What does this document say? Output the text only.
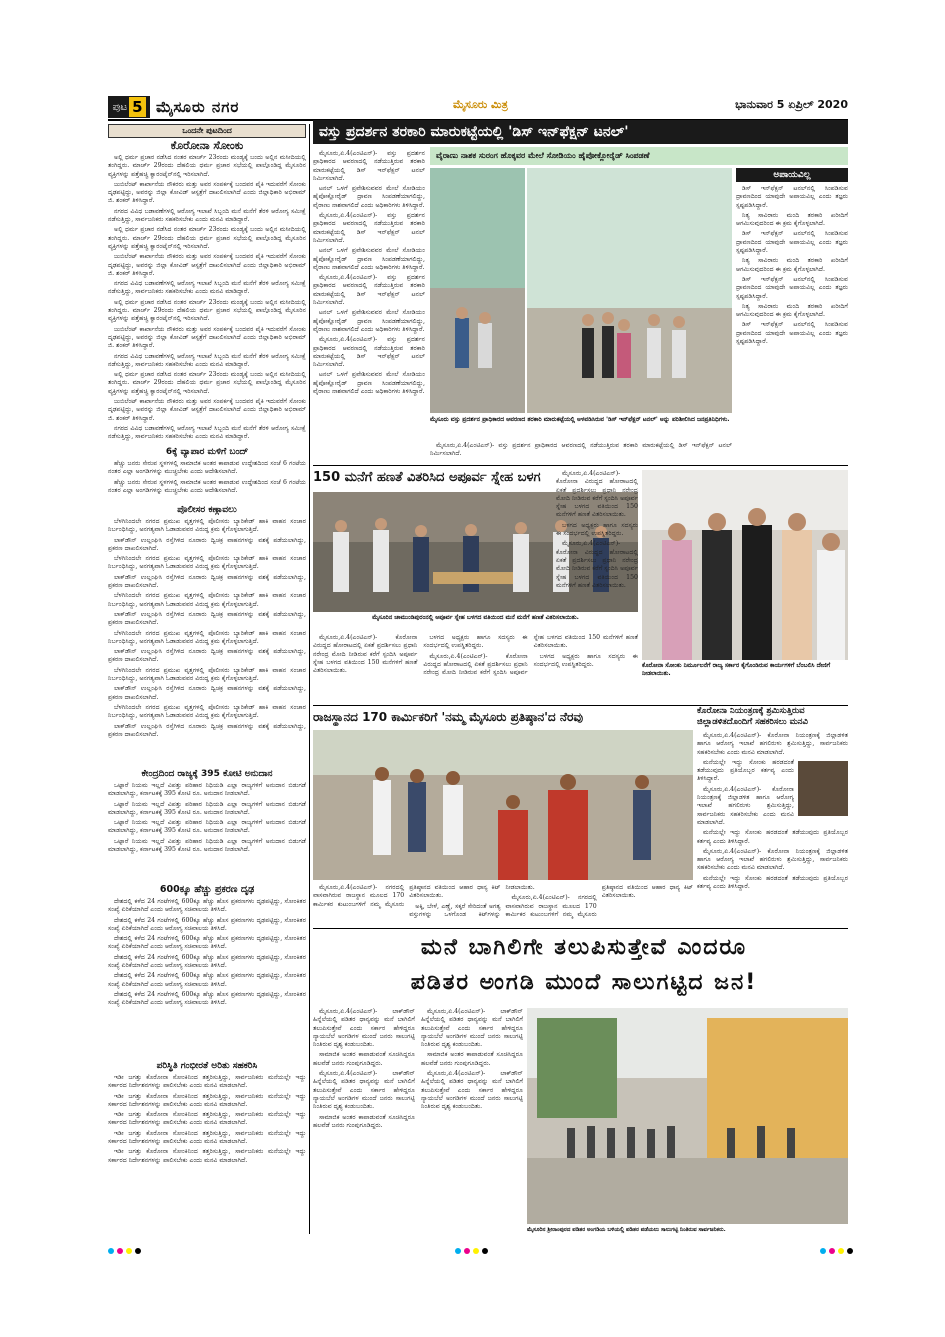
ಪುಟ 5 ಮೈಸೂರು ನಗರ	ಮೈಸೂರು ಮಿತ್ರ	ಭಾನುವಾರ 5 ಏಪ್ರಿಲ್ 2020
ಒಂದನೇ ಪುಟದಿಂದ
ಕೊರೋನಾ ಸೋಂಕು

ಅಲ್ಲಿ ಧರ್ಮ ಪ್ರಚಾರ ನಡೆಸಿದ ನಂತರ ಮಾರ್ಚ್ 23ರಂದು ಮಂಡ್ಯಕ್ಕೆ ಬಂದು ಅಲ್ಲಿನ ಮಸೀದಿಯಲ್ಲಿ ತಂಗಿದ್ದರು. ಮಾರ್ಚ್ 29ರಂದು ದೆಹಲಿಯ ಧರ್ಮ ಪ್ರಚಾರ ಸಭೆಯಲ್ಲಿ ಪಾಲ್ಗೊಂಡಿದ್ದ ಮೈಸೂರಿನ ವ್ಯಕ್ತಿಗಳನ್ನು ಪತ್ತೆಹಚ್ಚಿ ಕ್ವಾರಂಟೈನ್‌ನಲ್ಲಿ ಇರಿಸಲಾಗಿದೆ.

ಜುಬಿಲೆಂಟ್ ಕಾರ್ಖಾನೆಯ ನೌಕರರು ಮತ್ತು ಅವರ ಸಂಪರ್ಕಕ್ಕೆ ಬಂದವರ ಪೈಕಿ ಇದುವರೆಗೆ ಸೋಂಕು ದೃಢಪಟ್ಟಿದ್ದು, ಅವರನ್ನು ಜಿಲ್ಲಾ ಕೋವಿಡ್ ಆಸ್ಪತ್ರೆಗೆ ದಾಖಲಿಸಲಾಗಿದೆ ಎಂದು ಜಿಲ್ಲಾಧಿಕಾರಿ ಅಭಿರಾಮ್ ಜಿ. ಶಂಕರ್ ತಿಳಿಸಿದ್ದಾರೆ.

ನಗರದ ವಿವಿಧ ಬಡಾವಣೆಗಳಲ್ಲಿ ಆರೋಗ್ಯ ಇಲಾಖೆ ಸಿಬ್ಬಂದಿ ಮನೆ ಮನೆಗೆ ತೆರಳಿ ಆರೋಗ್ಯ ಸಮೀಕ್ಷೆ ನಡೆಸುತ್ತಿದ್ದು, ಸಾರ್ವಜನಿಕರು ಸಹಕರಿಸಬೇಕು ಎಂದು ಮನವಿ ಮಾಡಿದ್ದಾರೆ.

ಅಲ್ಲಿ ಧರ್ಮ ಪ್ರಚಾರ ನಡೆಸಿದ ನಂತರ ಮಾರ್ಚ್ 23ರಂದು ಮಂಡ್ಯಕ್ಕೆ ಬಂದು ಅಲ್ಲಿನ ಮಸೀದಿಯಲ್ಲಿ ತಂಗಿದ್ದರು. ಮಾರ್ಚ್ 29ರಂದು ದೆಹಲಿಯ ಧರ್ಮ ಪ್ರಚಾರ ಸಭೆಯಲ್ಲಿ ಪಾಲ್ಗೊಂಡಿದ್ದ ಮೈಸೂರಿನ ವ್ಯಕ್ತಿಗಳನ್ನು ಪತ್ತೆಹಚ್ಚಿ ಕ್ವಾರಂಟೈನ್‌ನಲ್ಲಿ ಇರಿಸಲಾಗಿದೆ.

ಜುಬಿಲೆಂಟ್ ಕಾರ್ಖಾನೆಯ ನೌಕರರು ಮತ್ತು ಅವರ ಸಂಪರ್ಕಕ್ಕೆ ಬಂದವರ ಪೈಕಿ ಇದುವರೆಗೆ ಸೋಂಕು ದೃಢಪಟ್ಟಿದ್ದು, ಅವರನ್ನು ಜಿಲ್ಲಾ ಕೋವಿಡ್ ಆಸ್ಪತ್ರೆಗೆ ದಾಖಲಿಸಲಾಗಿದೆ ಎಂದು ಜಿಲ್ಲಾಧಿಕಾರಿ ಅಭಿರಾಮ್ ಜಿ. ಶಂಕರ್ ತಿಳಿಸಿದ್ದಾರೆ.

ನಗರದ ವಿವಿಧ ಬಡಾವಣೆಗಳಲ್ಲಿ ಆರೋಗ್ಯ ಇಲಾಖೆ ಸಿಬ್ಬಂದಿ ಮನೆ ಮನೆಗೆ ತೆರಳಿ ಆರೋಗ್ಯ ಸಮೀಕ್ಷೆ ನಡೆಸುತ್ತಿದ್ದು, ಸಾರ್ವಜನಿಕರು ಸಹಕರಿಸಬೇಕು ಎಂದು ಮನವಿ ಮಾಡಿದ್ದಾರೆ.

ಅಲ್ಲಿ ಧರ್ಮ ಪ್ರಚಾರ ನಡೆಸಿದ ನಂತರ ಮಾರ್ಚ್ 23ರಂದು ಮಂಡ್ಯಕ್ಕೆ ಬಂದು ಅಲ್ಲಿನ ಮಸೀದಿಯಲ್ಲಿ ತಂಗಿದ್ದರು. ಮಾರ್ಚ್ 29ರಂದು ದೆಹಲಿಯ ಧರ್ಮ ಪ್ರಚಾರ ಸಭೆಯಲ್ಲಿ ಪಾಲ್ಗೊಂಡಿದ್ದ ಮೈಸೂರಿನ ವ್ಯಕ್ತಿಗಳನ್ನು ಪತ್ತೆಹಚ್ಚಿ ಕ್ವಾರಂಟೈನ್‌ನಲ್ಲಿ ಇರಿಸಲಾಗಿದೆ.

ಜುಬಿಲೆಂಟ್ ಕಾರ್ಖಾನೆಯ ನೌಕರರು ಮತ್ತು ಅವರ ಸಂಪರ್ಕಕ್ಕೆ ಬಂದವರ ಪೈಕಿ ಇದುವರೆಗೆ ಸೋಂಕು ದೃಢಪಟ್ಟಿದ್ದು, ಅವರನ್ನು ಜಿಲ್ಲಾ ಕೋವಿಡ್ ಆಸ್ಪತ್ರೆಗೆ ದಾಖಲಿಸಲಾಗಿದೆ ಎಂದು ಜಿಲ್ಲಾಧಿಕಾರಿ ಅಭಿರಾಮ್ ಜಿ. ಶಂಕರ್ ತಿಳಿಸಿದ್ದಾರೆ.

ನಗರದ ವಿವಿಧ ಬಡಾವಣೆಗಳಲ್ಲಿ ಆರೋಗ್ಯ ಇಲಾಖೆ ಸಿಬ್ಬಂದಿ ಮನೆ ಮನೆಗೆ ತೆರಳಿ ಆರೋಗ್ಯ ಸಮೀಕ್ಷೆ ನಡೆಸುತ್ತಿದ್ದು, ಸಾರ್ವಜನಿಕರು ಸಹಕರಿಸಬೇಕು ಎಂದು ಮನವಿ ಮಾಡಿದ್ದಾರೆ.

ಅಲ್ಲಿ ಧರ್ಮ ಪ್ರಚಾರ ನಡೆಸಿದ ನಂತರ ಮಾರ್ಚ್ 23ರಂದು ಮಂಡ್ಯಕ್ಕೆ ಬಂದು ಅಲ್ಲಿನ ಮಸೀದಿಯಲ್ಲಿ ತಂಗಿದ್ದರು. ಮಾರ್ಚ್ 29ರಂದು ದೆಹಲಿಯ ಧರ್ಮ ಪ್ರಚಾರ ಸಭೆಯಲ್ಲಿ ಪಾಲ್ಗೊಂಡಿದ್ದ ಮೈಸೂರಿನ ವ್ಯಕ್ತಿಗಳನ್ನು ಪತ್ತೆಹಚ್ಚಿ ಕ್ವಾರಂಟೈನ್‌ನಲ್ಲಿ ಇರಿಸಲಾಗಿದೆ.

ಜುಬಿಲೆಂಟ್ ಕಾರ್ಖಾನೆಯ ನೌಕರರು ಮತ್ತು ಅವರ ಸಂಪರ್ಕಕ್ಕೆ ಬಂದವರ ಪೈಕಿ ಇದುವರೆಗೆ ಸೋಂಕು ದೃಢಪಟ್ಟಿದ್ದು, ಅವರನ್ನು ಜಿಲ್ಲಾ ಕೋವಿಡ್ ಆಸ್ಪತ್ರೆಗೆ ದಾಖಲಿಸಲಾಗಿದೆ ಎಂದು ಜಿಲ್ಲಾಧಿಕಾರಿ ಅಭಿರಾಮ್ ಜಿ. ಶಂಕರ್ ತಿಳಿಸಿದ್ದಾರೆ.

ನಗರದ ವಿವಿಧ ಬಡಾವಣೆಗಳಲ್ಲಿ ಆರೋಗ್ಯ ಇಲಾಖೆ ಸಿಬ್ಬಂದಿ ಮನೆ ಮನೆಗೆ ತೆರಳಿ ಆರೋಗ್ಯ ಸಮೀಕ್ಷೆ ನಡೆಸುತ್ತಿದ್ದು, ಸಾರ್ವಜನಿಕರು ಸಹಕರಿಸಬೇಕು ಎಂದು ಮನವಿ ಮಾಡಿದ್ದಾರೆ.

6ಕ್ಕೆ ವ್ಯಾಪಾರ ಮಳಿಗೆ ಬಂದ್

ಹೆಚ್ಚು ಜನರು ಸೇರುವ ಸ್ಥಳಗಳಲ್ಲಿ ಸಾಮಾಜಿಕ ಅಂತರ ಕಾಪಾಡುವ ಉದ್ದೇಶದಿಂದ ಸಂಜೆ 6 ಗಂಟೆಯ ನಂತರ ಎಲ್ಲಾ ಅಂಗಡಿಗಳನ್ನು ಮುಚ್ಚಬೇಕು ಎಂದು ಆದೇಶಿಸಲಾಗಿದೆ.

ಹೆಚ್ಚು ಜನರು ಸೇರುವ ಸ್ಥಳಗಳಲ್ಲಿ ಸಾಮಾಜಿಕ ಅಂತರ ಕಾಪಾಡುವ ಉದ್ದೇಶದಿಂದ ಸಂಜೆ 6 ಗಂಟೆಯ ನಂತರ ಎಲ್ಲಾ ಅಂಗಡಿಗಳನ್ನು ಮುಚ್ಚಬೇಕು ಎಂದು ಆದೇಶಿಸಲಾಗಿದೆ.

ಪೊಲೀಸರ ಕಣ್ಗಾವಲು

ಬೆಳಗಿನಿಂದಲೇ ನಗರದ ಪ್ರಮುಖ ವೃತ್ತಗಳಲ್ಲಿ ಪೊಲೀಸರು ಬ್ಯಾರಿಕೇಡ್ ಹಾಕಿ ವಾಹನ ಸಂಚಾರ ನಿರ್ಬಂಧಿಸಿದ್ದು, ಅನಗತ್ಯವಾಗಿ ಓಡಾಡುವವರ ವಿರುದ್ಧ ಕ್ರಮ ಕೈಗೊಳ್ಳಲಾಗುತ್ತಿದೆ.

ಲಾಕ್‌ಡೌನ್ ಉಲ್ಲಂಘಿಸಿ ರಸ್ತೆಗಿಳಿದ ನೂರಾರು ದ್ವಿಚಕ್ರ ವಾಹನಗಳನ್ನು ವಶಕ್ಕೆ ಪಡೆಯಲಾಗಿದ್ದು, ಪ್ರಕರಣ ದಾಖಲಿಸಲಾಗಿದೆ.

ಬೆಳಗಿನಿಂದಲೇ ನಗರದ ಪ್ರಮುಖ ವೃತ್ತಗಳಲ್ಲಿ ಪೊಲೀಸರು ಬ್ಯಾರಿಕೇಡ್ ಹಾಕಿ ವಾಹನ ಸಂಚಾರ ನಿರ್ಬಂಧಿಸಿದ್ದು, ಅನಗತ್ಯವಾಗಿ ಓಡಾಡುವವರ ವಿರುದ್ಧ ಕ್ರಮ ಕೈಗೊಳ್ಳಲಾಗುತ್ತಿದೆ.

ಲಾಕ್‌ಡೌನ್ ಉಲ್ಲಂಘಿಸಿ ರಸ್ತೆಗಿಳಿದ ನೂರಾರು ದ್ವಿಚಕ್ರ ವಾಹನಗಳನ್ನು ವಶಕ್ಕೆ ಪಡೆಯಲಾಗಿದ್ದು, ಪ್ರಕರಣ ದಾಖಲಿಸಲಾಗಿದೆ.

ಬೆಳಗಿನಿಂದಲೇ ನಗರದ ಪ್ರಮುಖ ವೃತ್ತಗಳಲ್ಲಿ ಪೊಲೀಸರು ಬ್ಯಾರಿಕೇಡ್ ಹಾಕಿ ವಾಹನ ಸಂಚಾರ ನಿರ್ಬಂಧಿಸಿದ್ದು, ಅನಗತ್ಯವಾಗಿ ಓಡಾಡುವವರ ವಿರುದ್ಧ ಕ್ರಮ ಕೈಗೊಳ್ಳಲಾಗುತ್ತಿದೆ.

ಲಾಕ್‌ಡೌನ್ ಉಲ್ಲಂಘಿಸಿ ರಸ್ತೆಗಿಳಿದ ನೂರಾರು ದ್ವಿಚಕ್ರ ವಾಹನಗಳನ್ನು ವಶಕ್ಕೆ ಪಡೆಯಲಾಗಿದ್ದು, ಪ್ರಕರಣ ದಾಖಲಿಸಲಾಗಿದೆ.

ಬೆಳಗಿನಿಂದಲೇ ನಗರದ ಪ್ರಮುಖ ವೃತ್ತಗಳಲ್ಲಿ ಪೊಲೀಸರು ಬ್ಯಾರಿಕೇಡ್ ಹಾಕಿ ವಾಹನ ಸಂಚಾರ ನಿರ್ಬಂಧಿಸಿದ್ದು, ಅನಗತ್ಯವಾಗಿ ಓಡಾಡುವವರ ವಿರುದ್ಧ ಕ್ರಮ ಕೈಗೊಳ್ಳಲಾಗುತ್ತಿದೆ.

ಲಾಕ್‌ಡೌನ್ ಉಲ್ಲಂಘಿಸಿ ರಸ್ತೆಗಿಳಿದ ನೂರಾರು ದ್ವಿಚಕ್ರ ವಾಹನಗಳನ್ನು ವಶಕ್ಕೆ ಪಡೆಯಲಾಗಿದ್ದು, ಪ್ರಕರಣ ದಾಖಲಿಸಲಾಗಿದೆ.

ಬೆಳಗಿನಿಂದಲೇ ನಗರದ ಪ್ರಮುಖ ವೃತ್ತಗಳಲ್ಲಿ ಪೊಲೀಸರು ಬ್ಯಾರಿಕೇಡ್ ಹಾಕಿ ವಾಹನ ಸಂಚಾರ ನಿರ್ಬಂಧಿಸಿದ್ದು, ಅನಗತ್ಯವಾಗಿ ಓಡಾಡುವವರ ವಿರುದ್ಧ ಕ್ರಮ ಕೈಗೊಳ್ಳಲಾಗುತ್ತಿದೆ.

ಲಾಕ್‌ಡೌನ್ ಉಲ್ಲಂಘಿಸಿ ರಸ್ತೆಗಿಳಿದ ನೂರಾರು ದ್ವಿಚಕ್ರ ವಾಹನಗಳನ್ನು ವಶಕ್ಕೆ ಪಡೆಯಲಾಗಿದ್ದು, ಪ್ರಕರಣ ದಾಖಲಿಸಲಾಗಿದೆ.

ಬೆಳಗಿನಿಂದಲೇ ನಗರದ ಪ್ರಮುಖ ವೃತ್ತಗಳಲ್ಲಿ ಪೊಲೀಸರು ಬ್ಯಾರಿಕೇಡ್ ಹಾಕಿ ವಾಹನ ಸಂಚಾರ ನಿರ್ಬಂಧಿಸಿದ್ದು, ಅನಗತ್ಯವಾಗಿ ಓಡಾಡುವವರ ವಿರುದ್ಧ ಕ್ರಮ ಕೈಗೊಳ್ಳಲಾಗುತ್ತಿದೆ.

ಲಾಕ್‌ಡೌನ್ ಉಲ್ಲಂಘಿಸಿ ರಸ್ತೆಗಿಳಿದ ನೂರಾರು ದ್ವಿಚಕ್ರ ವಾಹನಗಳನ್ನು ವಶಕ್ಕೆ ಪಡೆಯಲಾಗಿದ್ದು, ಪ್ರಕರಣ ದಾಖಲಿಸಲಾಗಿದೆ.

ಕೇಂದ್ರದಿಂದ ರಾಜ್ಯಕ್ಕೆ 395 ಕೋಟಿ ಅನುದಾನ

ಒಟ್ಟಾರೆ ನಿಯಮ ಇಲ್ಲದೆ ವಿಪತ್ತು ಪರಿಹಾರ ನಿಧಿಯಡಿ ಎಲ್ಲಾ ರಾಜ್ಯಗಳಿಗೆ ಅನುದಾನ ಬಿಡುಗಡೆ ಮಾಡಲಾಗಿದ್ದು, ಕರ್ನಾಟಕಕ್ಕೆ 395 ಕೋಟಿ ರೂ. ಅನುದಾನ ನೀಡಲಾಗಿದೆ.

ಒಟ್ಟಾರೆ ನಿಯಮ ಇಲ್ಲದೆ ವಿಪತ್ತು ಪರಿಹಾರ ನಿಧಿಯಡಿ ಎಲ್ಲಾ ರಾಜ್ಯಗಳಿಗೆ ಅನುದಾನ ಬಿಡುಗಡೆ ಮಾಡಲಾಗಿದ್ದು, ಕರ್ನಾಟಕಕ್ಕೆ 395 ಕೋಟಿ ರೂ. ಅನುದಾನ ನೀಡಲಾಗಿದೆ.

ಒಟ್ಟಾರೆ ನಿಯಮ ಇಲ್ಲದೆ ವಿಪತ್ತು ಪರಿಹಾರ ನಿಧಿಯಡಿ ಎಲ್ಲಾ ರಾಜ್ಯಗಳಿಗೆ ಅನುದಾನ ಬಿಡುಗಡೆ ಮಾಡಲಾಗಿದ್ದು, ಕರ್ನಾಟಕಕ್ಕೆ 395 ಕೋಟಿ ರೂ. ಅನುದಾನ ನೀಡಲಾಗಿದೆ.

ಒಟ್ಟಾರೆ ನಿಯಮ ಇಲ್ಲದೆ ವಿಪತ್ತು ಪರಿಹಾರ ನಿಧಿಯಡಿ ಎಲ್ಲಾ ರಾಜ್ಯಗಳಿಗೆ ಅನುದಾನ ಬಿಡುಗಡೆ ಮಾಡಲಾಗಿದ್ದು, ಕರ್ನಾಟಕಕ್ಕೆ 395 ಕೋಟಿ ರೂ. ಅನುದಾನ ನೀಡಲಾಗಿದೆ.

600ಕ್ಕೂ ಹೆಚ್ಚು ಪ್ರಕರಣ ದೃಢ

ದೇಶದಲ್ಲಿ ಕಳೆದ 24 ಗಂಟೆಗಳಲ್ಲಿ 600ಕ್ಕೂ ಹೆಚ್ಚು ಹೊಸ ಪ್ರಕರಣಗಳು ದೃಢಪಟ್ಟಿದ್ದು, ಸೋಂಕಿತರ ಸಂಖ್ಯೆ ಏರಿಕೆಯಾಗಿದೆ ಎಂದು ಆರೋಗ್ಯ ಸಚಿವಾಲಯ ತಿಳಿಸಿದೆ.

ದೇಶದಲ್ಲಿ ಕಳೆದ 24 ಗಂಟೆಗಳಲ್ಲಿ 600ಕ್ಕೂ ಹೆಚ್ಚು ಹೊಸ ಪ್ರಕರಣಗಳು ದೃಢಪಟ್ಟಿದ್ದು, ಸೋಂಕಿತರ ಸಂಖ್ಯೆ ಏರಿಕೆಯಾಗಿದೆ ಎಂದು ಆರೋಗ್ಯ ಸಚಿವಾಲಯ ತಿಳಿಸಿದೆ.

ದೇಶದಲ್ಲಿ ಕಳೆದ 24 ಗಂಟೆಗಳಲ್ಲಿ 600ಕ್ಕೂ ಹೆಚ್ಚು ಹೊಸ ಪ್ರಕರಣಗಳು ದೃಢಪಟ್ಟಿದ್ದು, ಸೋಂಕಿತರ ಸಂಖ್ಯೆ ಏರಿಕೆಯಾಗಿದೆ ಎಂದು ಆರೋಗ್ಯ ಸಚಿವಾಲಯ ತಿಳಿಸಿದೆ.

ದೇಶದಲ್ಲಿ ಕಳೆದ 24 ಗಂಟೆಗಳಲ್ಲಿ 600ಕ್ಕೂ ಹೆಚ್ಚು ಹೊಸ ಪ್ರಕರಣಗಳು ದೃಢಪಟ್ಟಿದ್ದು, ಸೋಂಕಿತರ ಸಂಖ್ಯೆ ಏರಿಕೆಯಾಗಿದೆ ಎಂದು ಆರೋಗ್ಯ ಸಚಿವಾಲಯ ತಿಳಿಸಿದೆ.

ದೇಶದಲ್ಲಿ ಕಳೆದ 24 ಗಂಟೆಗಳಲ್ಲಿ 600ಕ್ಕೂ ಹೆಚ್ಚು ಹೊಸ ಪ್ರಕರಣಗಳು ದೃಢಪಟ್ಟಿದ್ದು, ಸೋಂಕಿತರ ಸಂಖ್ಯೆ ಏರಿಕೆಯಾಗಿದೆ ಎಂದು ಆರೋಗ್ಯ ಸಚಿವಾಲಯ ತಿಳಿಸಿದೆ.

ದೇಶದಲ್ಲಿ ಕಳೆದ 24 ಗಂಟೆಗಳಲ್ಲಿ 600ಕ್ಕೂ ಹೆಚ್ಚು ಹೊಸ ಪ್ರಕರಣಗಳು ದೃಢಪಟ್ಟಿದ್ದು, ಸೋಂಕಿತರ ಸಂಖ್ಯೆ ಏರಿಕೆಯಾಗಿದೆ ಎಂದು ಆರೋಗ್ಯ ಸಚಿವಾಲಯ ತಿಳಿಸಿದೆ.

ಪರಿಸ್ಥಿತಿ ಗಂಭೀರತೆ ಅರಿತು ಸಹಕರಿಸಿ

ಇಡೀ ಜಗತ್ತು ಕೊರೋನಾ ಸೋಂಕಿನಿಂದ ತತ್ತರಿಸುತ್ತಿದ್ದು, ಸಾರ್ವಜನಿಕರು ಮನೆಯಲ್ಲೇ ಇದ್ದು ಸರ್ಕಾರದ ನಿರ್ದೇಶನಗಳನ್ನು ಪಾಲಿಸಬೇಕು ಎಂದು ಮನವಿ ಮಾಡಲಾಗಿದೆ.

ಇಡೀ ಜಗತ್ತು ಕೊರೋನಾ ಸೋಂಕಿನಿಂದ ತತ್ತರಿಸುತ್ತಿದ್ದು, ಸಾರ್ವಜನಿಕರು ಮನೆಯಲ್ಲೇ ಇದ್ದು ಸರ್ಕಾರದ ನಿರ್ದೇಶನಗಳನ್ನು ಪಾಲಿಸಬೇಕು ಎಂದು ಮನವಿ ಮಾಡಲಾಗಿದೆ.

ಇಡೀ ಜಗತ್ತು ಕೊರೋನಾ ಸೋಂಕಿನಿಂದ ತತ್ತರಿಸುತ್ತಿದ್ದು, ಸಾರ್ವಜನಿಕರು ಮನೆಯಲ್ಲೇ ಇದ್ದು ಸರ್ಕಾರದ ನಿರ್ದೇಶನಗಳನ್ನು ಪಾಲಿಸಬೇಕು ಎಂದು ಮನವಿ ಮಾಡಲಾಗಿದೆ.

ಇಡೀ ಜಗತ್ತು ಕೊರೋನಾ ಸೋಂಕಿನಿಂದ ತತ್ತರಿಸುತ್ತಿದ್ದು, ಸಾರ್ವಜನಿಕರು ಮನೆಯಲ್ಲೇ ಇದ್ದು ಸರ್ಕಾರದ ನಿರ್ದೇಶನಗಳನ್ನು ಪಾಲಿಸಬೇಕು ಎಂದು ಮನವಿ ಮಾಡಲಾಗಿದೆ.

ಇಡೀ ಜಗತ್ತು ಕೊರೋನಾ ಸೋಂಕಿನಿಂದ ತತ್ತರಿಸುತ್ತಿದ್ದು, ಸಾರ್ವಜನಿಕರು ಮನೆಯಲ್ಲೇ ಇದ್ದು ಸರ್ಕಾರದ ನಿರ್ದೇಶನಗಳನ್ನು ಪಾಲಿಸಬೇಕು ಎಂದು ಮನವಿ ಮಾಡಲಾಗಿದೆ.

ವಸ್ತು ಪ್ರದರ್ಶನ ತರಕಾರಿ ಮಾರುಕಟ್ಟೆಯಲ್ಲಿ 'ಡಿಸ್ ಇನ್‌ಫೆಕ್ಷನ್ ಟನಲ್'
ವೈರಾಣು ನಾಶಕ ಸುರಂಗ ಹೊಕ್ಕವರ ಮೇಲೆ ಸೋಡಿಯಂ ಹೈಪೋಕ್ಲೋರೈಡ್ ಸಿಂಪಡಣೆ

ಮೈಸೂರು,ಏ.4(ಎಂಟಿಎನ್)- ವಸ್ತು ಪ್ರದರ್ಶನ ಪ್ರಾಧಿಕಾರದ ಆವರಣದಲ್ಲಿ ನಡೆಯುತ್ತಿರುವ ತರಕಾರಿ ಮಾರುಕಟ್ಟೆಯಲ್ಲಿ ಡಿಸ್ ಇನ್‌ಫೆಕ್ಷನ್ ಟನಲ್ ನಿರ್ಮಿಸಲಾಗಿದೆ.

ಟನಲ್ ಒಳಗೆ ಪ್ರವೇಶಿಸುವವರ ಮೇಲೆ ಸೋಡಿಯಂ ಹೈಪೋಕ್ಲೋರೈಡ್ ದ್ರಾವಣ ಸಿಂಪಡಣೆಯಾಗಲಿದ್ದು, ವೈರಾಣು ನಾಶವಾಗಲಿದೆ ಎಂದು ಅಧಿಕಾರಿಗಳು ತಿಳಿಸಿದ್ದಾರೆ.

ಮೈಸೂರು,ಏ.4(ಎಂಟಿಎನ್)- ವಸ್ತು ಪ್ರದರ್ಶನ ಪ್ರಾಧಿಕಾರದ ಆವರಣದಲ್ಲಿ ನಡೆಯುತ್ತಿರುವ ತರಕಾರಿ ಮಾರುಕಟ್ಟೆಯಲ್ಲಿ ಡಿಸ್ ಇನ್‌ಫೆಕ್ಷನ್ ಟನಲ್ ನಿರ್ಮಿಸಲಾಗಿದೆ.

ಟನಲ್ ಒಳಗೆ ಪ್ರವೇಶಿಸುವವರ ಮೇಲೆ ಸೋಡಿಯಂ ಹೈಪೋಕ್ಲೋರೈಡ್ ದ್ರಾವಣ ಸಿಂಪಡಣೆಯಾಗಲಿದ್ದು, ವೈರಾಣು ನಾಶವಾಗಲಿದೆ ಎಂದು ಅಧಿಕಾರಿಗಳು ತಿಳಿಸಿದ್ದಾರೆ.

ಮೈಸೂರು,ಏ.4(ಎಂಟಿಎನ್)- ವಸ್ತು ಪ್ರದರ್ಶನ ಪ್ರಾಧಿಕಾರದ ಆವರಣದಲ್ಲಿ ನಡೆಯುತ್ತಿರುವ ತರಕಾರಿ ಮಾರುಕಟ್ಟೆಯಲ್ಲಿ ಡಿಸ್ ಇನ್‌ಫೆಕ್ಷನ್ ಟನಲ್ ನಿರ್ಮಿಸಲಾಗಿದೆ.

ಟನಲ್ ಒಳಗೆ ಪ್ರವೇಶಿಸುವವರ ಮೇಲೆ ಸೋಡಿಯಂ ಹೈಪೋಕ್ಲೋರೈಡ್ ದ್ರಾವಣ ಸಿಂಪಡಣೆಯಾಗಲಿದ್ದು, ವೈರಾಣು ನಾಶವಾಗಲಿದೆ ಎಂದು ಅಧಿಕಾರಿಗಳು ತಿಳಿಸಿದ್ದಾರೆ.

ಮೈಸೂರು,ಏ.4(ಎಂಟಿಎನ್)- ವಸ್ತು ಪ್ರದರ್ಶನ ಪ್ರಾಧಿಕಾರದ ಆವರಣದಲ್ಲಿ ನಡೆಯುತ್ತಿರುವ ತರಕಾರಿ ಮಾರುಕಟ್ಟೆಯಲ್ಲಿ ಡಿಸ್ ಇನ್‌ಫೆಕ್ಷನ್ ಟನಲ್ ನಿರ್ಮಿಸಲಾಗಿದೆ.

ಟನಲ್ ಒಳಗೆ ಪ್ರವೇಶಿಸುವವರ ಮೇಲೆ ಸೋಡಿಯಂ ಹೈಪೋಕ್ಲೋರೈಡ್ ದ್ರಾವಣ ಸಿಂಪಡಣೆಯಾಗಲಿದ್ದು, ವೈರಾಣು ನಾಶವಾಗಲಿದೆ ಎಂದು ಅಧಿಕಾರಿಗಳು ತಿಳಿಸಿದ್ದಾರೆ.

ಮೈಸೂರು ವಸ್ತು ಪ್ರದರ್ಶನ ಪ್ರಾಧಿಕಾರದ ಆವರಣದ ತರಕಾರಿ ಮಾರುಕಟ್ಟೆಯಲ್ಲಿ ಅಳವಡಿಸಿರುವ 'ಡಿಸ್ ಇನ್‌ಫೆಕ್ಷನ್ ಟನಲ್' ಅನ್ನು ಪರಿಶೀಲಿಸಿದ ಜನಪ್ರತಿನಿಧಿಗಳು.

ಮೈಸೂರು,ಏ.4(ಎಂಟಿಎನ್)- ವಸ್ತು ಪ್ರದರ್ಶನ ಪ್ರಾಧಿಕಾರದ ಆವರಣದಲ್ಲಿ ನಡೆಯುತ್ತಿರುವ ತರಕಾರಿ ಮಾರುಕಟ್ಟೆಯಲ್ಲಿ ಡಿಸ್ ಇನ್‌ಫೆಕ್ಷನ್ ಟನಲ್ ನಿರ್ಮಿಸಲಾಗಿದೆ.

ಅಪಾಯವಿಲ್ಲ

ಡಿಸ್ ಇನ್‌ಫೆಕ್ಷನ್ ಟನಲ್‌ನಲ್ಲಿ ಸಿಂಪಡಿಸುವ ದ್ರಾವಣದಿಂದ ಯಾವುದೇ ಅಪಾಯವಿಲ್ಲ ಎಂದು ತಜ್ಞರು ಸ್ಪಷ್ಟಪಡಿಸಿದ್ದಾರೆ.

ನಿತ್ಯ ಸಾವಿರಾರು ಮಂದಿ ತರಕಾರಿ ಖರೀದಿಗೆ ಆಗಮಿಸುವುದರಿಂದ ಈ ಕ್ರಮ ಕೈಗೊಳ್ಳಲಾಗಿದೆ.

ಡಿಸ್ ಇನ್‌ಫೆಕ್ಷನ್ ಟನಲ್‌ನಲ್ಲಿ ಸಿಂಪಡಿಸುವ ದ್ರಾವಣದಿಂದ ಯಾವುದೇ ಅಪಾಯವಿಲ್ಲ ಎಂದು ತಜ್ಞರು ಸ್ಪಷ್ಟಪಡಿಸಿದ್ದಾರೆ.

ನಿತ್ಯ ಸಾವಿರಾರು ಮಂದಿ ತರಕಾರಿ ಖರೀದಿಗೆ ಆಗಮಿಸುವುದರಿಂದ ಈ ಕ್ರಮ ಕೈಗೊಳ್ಳಲಾಗಿದೆ.

ಡಿಸ್ ಇನ್‌ಫೆಕ್ಷನ್ ಟನಲ್‌ನಲ್ಲಿ ಸಿಂಪಡಿಸುವ ದ್ರಾವಣದಿಂದ ಯಾವುದೇ ಅಪಾಯವಿಲ್ಲ ಎಂದು ತಜ್ಞರು ಸ್ಪಷ್ಟಪಡಿಸಿದ್ದಾರೆ.

ನಿತ್ಯ ಸಾವಿರಾರು ಮಂದಿ ತರಕಾರಿ ಖರೀದಿಗೆ ಆಗಮಿಸುವುದರಿಂದ ಈ ಕ್ರಮ ಕೈಗೊಳ್ಳಲಾಗಿದೆ.

ಡಿಸ್ ಇನ್‌ಫೆಕ್ಷನ್ ಟನಲ್‌ನಲ್ಲಿ ಸಿಂಪಡಿಸುವ ದ್ರಾವಣದಿಂದ ಯಾವುದೇ ಅಪಾಯವಿಲ್ಲ ಎಂದು ತಜ್ಞರು ಸ್ಪಷ್ಟಪಡಿಸಿದ್ದಾರೆ.

150 ಮನೆಗೆ ಹಣತೆ ವಿತರಿಸಿದ ಅಪೂರ್ವ ಸ್ನೇಹ ಬಳಗ
ಮೈಸೂರಿನ ಚಾಮುಂಡಿಪುರಂನಲ್ಲಿ ಅಪೂರ್ವ ಸ್ನೇಹ ಬಳಗದ ವತಿಯಿಂದ ಮನೆ ಮನೆಗೆ ಹಣತೆ ವಿತರಿಸಲಾಯಿತು.

ಮೈಸೂರು,ಏ.4(ಎಂಟಿಎನ್)- ಕೊರೋನಾ ವಿರುದ್ಧದ ಹೋರಾಟದಲ್ಲಿ ಏಕತೆ ಪ್ರದರ್ಶಿಸಲು ಪ್ರಧಾನಿ ನರೇಂದ್ರ ಮೋದಿ ನೀಡಿರುವ ಕರೆಗೆ ಸ್ಪಂದಿಸಿ ಅಪೂರ್ವ ಸ್ನೇಹ ಬಳಗದ ವತಿಯಿಂದ 150 ಮನೆಗಳಿಗೆ ಹಣತೆ ವಿತರಿಸಲಾಯಿತು.

ಬಳಗದ ಅಧ್ಯಕ್ಷರು ಹಾಗೂ ಸದಸ್ಯರು ಈ ಸಂದರ್ಭದಲ್ಲಿ ಉಪಸ್ಥಿತರಿದ್ದರು.

ಮೈಸೂರು,ಏ.4(ಎಂಟಿಎನ್)- ಕೊರೋನಾ ವಿರುದ್ಧದ ಹೋರಾಟದಲ್ಲಿ ಏಕತೆ ಪ್ರದರ್ಶಿಸಲು ಪ್ರಧಾನಿ ನರೇಂದ್ರ ಮೋದಿ ನೀಡಿರುವ ಕರೆಗೆ ಸ್ಪಂದಿಸಿ ಅಪೂರ್ವ ಸ್ನೇಹ ಬಳಗದ ವತಿಯಿಂದ 150 ಮನೆಗಳಿಗೆ ಹಣತೆ ವಿತರಿಸಲಾಯಿತು.

ಬಳಗದ ಅಧ್ಯಕ್ಷರು ಹಾಗೂ ಸದಸ್ಯರು ಈ ಸಂದರ್ಭದಲ್ಲಿ ಉಪಸ್ಥಿತರಿದ್ದರು.

ಮೈಸೂರು,ಏ.4(ಎಂಟಿಎನ್)- ಕೊರೋನಾ ವಿರುದ್ಧದ ಹೋರಾಟದಲ್ಲಿ ಏಕತೆ ಪ್ರದರ್ಶಿಸಲು ಪ್ರಧಾನಿ ನರೇಂದ್ರ ಮೋದಿ ನೀಡಿರುವ ಕರೆಗೆ ಸ್ಪಂದಿಸಿ ಅಪೂರ್ವ ಸ್ನೇಹ ಬಳಗದ ವತಿಯಿಂದ 150 ಮನೆಗಳಿಗೆ ಹಣತೆ ವಿತರಿಸಲಾಯಿತು.

ಬಳಗದ ಅಧ್ಯಕ್ಷರು ಹಾಗೂ ಸದಸ್ಯರು ಈ ಸಂದರ್ಭದಲ್ಲಿ ಉಪಸ್ಥಿತರಿದ್ದರು.

ಮೈಸೂರು,ಏ.4(ಎಂಟಿಎನ್)- ಕೊರೋನಾ ವಿರುದ್ಧದ ಹೋರಾಟದಲ್ಲಿ ಏಕತೆ ಪ್ರದರ್ಶಿಸಲು ಪ್ರಧಾನಿ ನರೇಂದ್ರ ಮೋದಿ ನೀಡಿರುವ ಕರೆಗೆ ಸ್ಪಂದಿಸಿ ಅಪೂರ್ವ ಸ್ನೇಹ ಬಳಗದ ವತಿಯಿಂದ 150 ಮನೆಗಳಿಗೆ ಹಣತೆ ವಿತರಿಸಲಾಯಿತು.

ಕೊರೋನಾ ಸೋಂಕು ನಿರ್ಮೂಲನೆಗೆ ರಾಜ್ಯ ಸರ್ಕಾರ ಕೈಗೊಂಡಿರುವ ಕಾರ್ಯಗಳಿಗೆ ಬೆಂಬಲಿಸಿ ದೇಣಿಗೆ ನೀಡಲಾಯಿತು.
ರಾಜಸ್ಥಾನದ 170 ಕಾರ್ಮಿಕರಿಗೆ 'ನಮ್ಮ ಮೈಸೂರು ಪ್ರತಿಷ್ಠಾನ'ದ ನೆರವು

ಮೈಸೂರು,ಏ.4(ಎಂಟಿಎನ್)- ನಗರದಲ್ಲಿ ವಾಸವಾಗಿರುವ ರಾಜಸ್ಥಾನ ಮೂಲದ 170 ಕಾರ್ಮಿಕರ ಕುಟುಂಬಗಳಿಗೆ ನಮ್ಮ ಮೈಸೂರು ಪ್ರತಿಷ್ಠಾನದ ವತಿಯಿಂದ ಆಹಾರ ಧಾನ್ಯ ಕಿಟ್ ವಿತರಿಸಲಾಯಿತು.

ಅಕ್ಕಿ, ಬೇಳೆ, ಎಣ್ಣೆ, ಸಕ್ಕರೆ ಸೇರಿದಂತೆ ಅಗತ್ಯ ವಸ್ತುಗಳನ್ನು ಒಳಗೊಂಡ ಕಿಟ್‌ಗಳನ್ನು ನೀಡಲಾಯಿತು.

ಮೈಸೂರು,ಏ.4(ಎಂಟಿಎನ್)- ನಗರದಲ್ಲಿ ವಾಸವಾಗಿರುವ ರಾಜಸ್ಥಾನ ಮೂಲದ 170 ಕಾರ್ಮಿಕರ ಕುಟುಂಬಗಳಿಗೆ ನಮ್ಮ ಮೈಸೂರು ಪ್ರತಿಷ್ಠಾನದ ವತಿಯಿಂದ ಆಹಾರ ಧಾನ್ಯ ಕಿಟ್ ವಿತರಿಸಲಾಯಿತು.

ಕೊರೋನಾ ನಿಯಂತ್ರಣಕ್ಕೆ ಶ್ರಮಿಸುತ್ತಿರುವ ಜಿಲ್ಲಾಡಳಿತದೊಂದಿಗೆ ಸಹಕರಿಸಲು ಮನವಿ

ಮೈಸೂರು,ಏ.4(ಎಂಟಿಎನ್)- ಕೊರೋನಾ ನಿಯಂತ್ರಣಕ್ಕೆ ಜಿಲ್ಲಾಡಳಿತ ಹಾಗೂ ಆರೋಗ್ಯ ಇಲಾಖೆ ಹಗಲಿರುಳು ಶ್ರಮಿಸುತ್ತಿದ್ದು, ಸಾರ್ವಜನಿಕರು ಸಹಕರಿಸಬೇಕು ಎಂದು ಮನವಿ ಮಾಡಲಾಗಿದೆ.

ಮನೆಯಲ್ಲೇ ಇದ್ದು ಸೋಂಕು ಹರಡದಂತೆ ತಡೆಯುವುದು ಪ್ರತಿಯೊಬ್ಬರ ಕರ್ತವ್ಯ ಎಂದು ತಿಳಿಸಿದ್ದಾರೆ.

ಮೈಸೂರು,ಏ.4(ಎಂಟಿಎನ್)- ಕೊರೋನಾ ನಿಯಂತ್ರಣಕ್ಕೆ ಜಿಲ್ಲಾಡಳಿತ ಹಾಗೂ ಆರೋಗ್ಯ ಇಲಾಖೆ ಹಗಲಿರುಳು ಶ್ರಮಿಸುತ್ತಿದ್ದು, ಸಾರ್ವಜನಿಕರು ಸಹಕರಿಸಬೇಕು ಎಂದು ಮನವಿ ಮಾಡಲಾಗಿದೆ.

ಮನೆಯಲ್ಲೇ ಇದ್ದು ಸೋಂಕು ಹರಡದಂತೆ ತಡೆಯುವುದು ಪ್ರತಿಯೊಬ್ಬರ ಕರ್ತವ್ಯ ಎಂದು ತಿಳಿಸಿದ್ದಾರೆ.

ಮೈಸೂರು,ಏ.4(ಎಂಟಿಎನ್)- ಕೊರೋನಾ ನಿಯಂತ್ರಣಕ್ಕೆ ಜಿಲ್ಲಾಡಳಿತ ಹಾಗೂ ಆರೋಗ್ಯ ಇಲಾಖೆ ಹಗಲಿರುಳು ಶ್ರಮಿಸುತ್ತಿದ್ದು, ಸಾರ್ವಜನಿಕರು ಸಹಕರಿಸಬೇಕು ಎಂದು ಮನವಿ ಮಾಡಲಾಗಿದೆ.

ಮನೆಯಲ್ಲೇ ಇದ್ದು ಸೋಂಕು ಹರಡದಂತೆ ತಡೆಯುವುದು ಪ್ರತಿಯೊಬ್ಬರ ಕರ್ತವ್ಯ ಎಂದು ತಿಳಿಸಿದ್ದಾರೆ.

ಮನೆ ಬಾಗಿಲಿಗೇ ತಲುಪಿಸುತ್ತೇವೆ ಎಂದರೂ
ಪಡಿತರ ಅಂಗಡಿ ಮುಂದೆ ಸಾಲುಗಟ್ಟಿದ ಜನ!

ಮೈಸೂರು,ಏ.4(ಎಂಟಿಎನ್)- ಲಾಕ್‌ಡೌನ್ ಹಿನ್ನೆಲೆಯಲ್ಲಿ ಪಡಿತರ ಧಾನ್ಯವನ್ನು ಮನೆ ಬಾಗಿಲಿಗೆ ತಲುಪಿಸುತ್ತೇವೆ ಎಂದು ಸರ್ಕಾರ ಹೇಳಿದ್ದರೂ ನ್ಯಾಯಬೆಲೆ ಅಂಗಡಿಗಳ ಮುಂದೆ ಜನರು ಸಾಲುಗಟ್ಟಿ ನಿಂತಿರುವ ದೃಶ್ಯ ಕಂಡುಬಂದಿತು.

ಸಾಮಾಜಿಕ ಅಂತರ ಕಾಪಾಡುವಂತೆ ಸೂಚಿಸಿದ್ದರೂ ಹಲವೆಡೆ ಜನರು ಗುಂಪುಗೂಡಿದ್ದರು.

ಮೈಸೂರು,ಏ.4(ಎಂಟಿಎನ್)- ಲಾಕ್‌ಡೌನ್ ಹಿನ್ನೆಲೆಯಲ್ಲಿ ಪಡಿತರ ಧಾನ್ಯವನ್ನು ಮನೆ ಬಾಗಿಲಿಗೆ ತಲುಪಿಸುತ್ತೇವೆ ಎಂದು ಸರ್ಕಾರ ಹೇಳಿದ್ದರೂ ನ್ಯಾಯಬೆಲೆ ಅಂಗಡಿಗಳ ಮುಂದೆ ಜನರು ಸಾಲುಗಟ್ಟಿ ನಿಂತಿರುವ ದೃಶ್ಯ ಕಂಡುಬಂದಿತು.

ಸಾಮಾಜಿಕ ಅಂತರ ಕಾಪಾಡುವಂತೆ ಸೂಚಿಸಿದ್ದರೂ ಹಲವೆಡೆ ಜನರು ಗುಂಪುಗೂಡಿದ್ದರು.

ಮೈಸೂರು,ಏ.4(ಎಂಟಿಎನ್)- ಲಾಕ್‌ಡೌನ್ ಹಿನ್ನೆಲೆಯಲ್ಲಿ ಪಡಿತರ ಧಾನ್ಯವನ್ನು ಮನೆ ಬಾಗಿಲಿಗೆ ತಲುಪಿಸುತ್ತೇವೆ ಎಂದು ಸರ್ಕಾರ ಹೇಳಿದ್ದರೂ ನ್ಯಾಯಬೆಲೆ ಅಂಗಡಿಗಳ ಮುಂದೆ ಜನರು ಸಾಲುಗಟ್ಟಿ ನಿಂತಿರುವ ದೃಶ್ಯ ಕಂಡುಬಂದಿತು.

ಸಾಮಾಜಿಕ ಅಂತರ ಕಾಪಾಡುವಂತೆ ಸೂಚಿಸಿದ್ದರೂ ಹಲವೆಡೆ ಜನರು ಗುಂಪುಗೂಡಿದ್ದರು.

ಮೈಸೂರು,ಏ.4(ಎಂಟಿಎನ್)- ಲಾಕ್‌ಡೌನ್ ಹಿನ್ನೆಲೆಯಲ್ಲಿ ಪಡಿತರ ಧಾನ್ಯವನ್ನು ಮನೆ ಬಾಗಿಲಿಗೆ ತಲುಪಿಸುತ್ತೇವೆ ಎಂದು ಸರ್ಕಾರ ಹೇಳಿದ್ದರೂ ನ್ಯಾಯಬೆಲೆ ಅಂಗಡಿಗಳ ಮುಂದೆ ಜನರು ಸಾಲುಗಟ್ಟಿ ನಿಂತಿರುವ ದೃಶ್ಯ ಕಂಡುಬಂದಿತು.

ಮೈಸೂರಿನ ಶ್ರೀರಾಂಪುರದ ಪಡಿತರ ಅಂಗಡಿಯ ಬಳಿಯಲ್ಲಿ ಪಡಿತರ ಪಡೆಯಲು ಸಾಲುಗಟ್ಟಿ ನಿಂತಿರುವ ಸಾರ್ವಜನಿಕರು.
